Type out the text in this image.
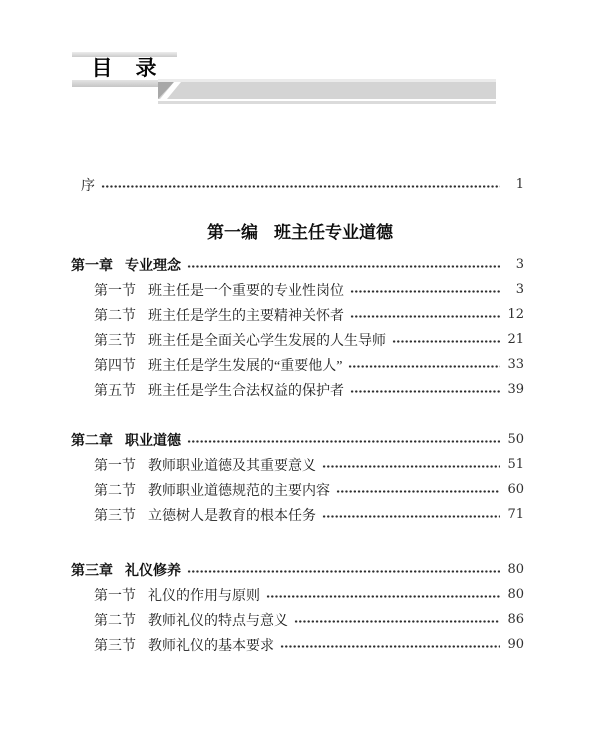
目　录
序	1
第一编 班主任专业道德
第一章 专业理念	3
第一节 班主任是一个重要的专业性岗位	3
第二节 班主任是学生的主要精神关怀者	12
第三节 班主任是全面关心学生发展的人生导师	21
第四节 班主任是学生发展的“重要他人”	33
第五节 班主任是学生合法权益的保护者	39
第二章 职业道德	50
第一节 教师职业道德及其重要意义	51
第二节 教师职业道德规范的主要内容	60
第三节 立德树人是教育的根本任务	71
第三章 礼仪修养	80
第一节 礼仪的作用与原则	80
第二节 教师礼仪的特点与意义	86
第三节 教师礼仪的基本要求	90
